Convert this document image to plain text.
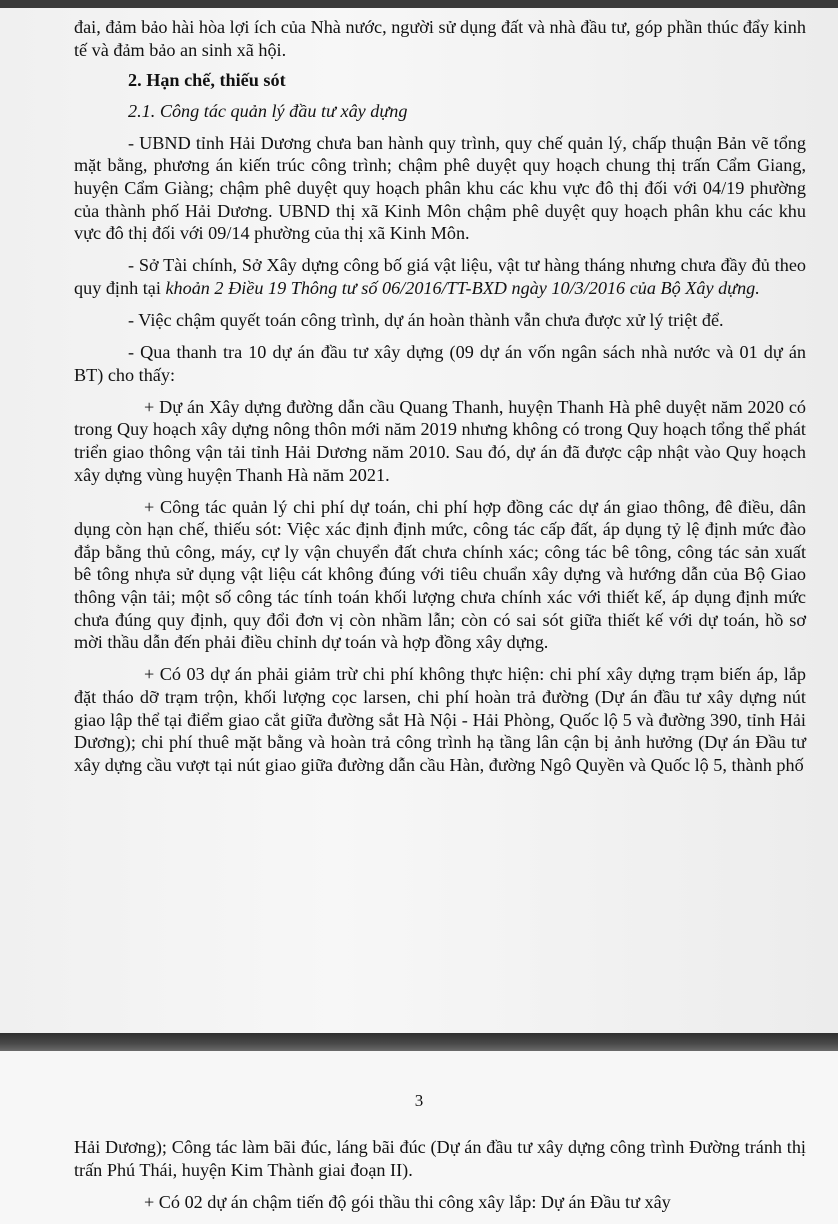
đai, đảm bảo hài hòa lợi ích của Nhà nước, người sử dụng đất và nhà đầu tư, góp phần thúc đẩy kinh tế và đảm bảo an sinh xã hội.

2. Hạn chế, thiếu sót

2.1. Công tác quản lý đầu tư xây dựng

- UBND tỉnh Hải Dương chưa ban hành quy trình, quy chế quản lý, chấp thuận Bản vẽ tổng mặt bằng, phương án kiến trúc công trình; chậm phê duyệt quy hoạch chung thị trấn Cẩm Giang, huyện Cẩm Giàng; chậm phê duyệt quy hoạch phân khu các khu vực đô thị đối với 04/19 phường của thành phố Hải Dương. UBND thị xã Kinh Môn chậm phê duyệt quy hoạch phân khu các khu vực đô thị đối với 09/14 phường của thị xã Kinh Môn.

- Sở Tài chính, Sở Xây dựng công bố giá vật liệu, vật tư hàng tháng nhưng chưa đầy đủ theo quy định tại khoản 2 Điều 19 Thông tư số 06/2016/TT-BXD ngày 10/3/2016 của Bộ Xây dựng.

- Việc chậm quyết toán công trình, dự án hoàn thành vẫn chưa được xử lý triệt để.

- Qua thanh tra 10 dự án đầu tư xây dựng (09 dự án vốn ngân sách nhà nước và 01 dự án BT) cho thấy:

+ Dự án Xây dựng đường dẫn cầu Quang Thanh, huyện Thanh Hà phê duyệt năm 2020 có trong Quy hoạch xây dựng nông thôn mới năm 2019 nhưng không có trong Quy hoạch tổng thể phát triển giao thông vận tải tỉnh Hải Dương năm 2010. Sau đó, dự án đã được cập nhật vào Quy hoạch xây dựng vùng huyện Thanh Hà năm 2021.

+ Công tác quản lý chi phí dự toán, chi phí hợp đồng các dự án giao thông, đê điều, dân dụng còn hạn chế, thiếu sót: Việc xác định định mức, công tác cấp đất, áp dụng tỷ lệ định mức đào đắp bằng thủ công, máy, cự ly vận chuyển đất chưa chính xác; công tác bê tông, công tác sản xuất bê tông nhựa sử dụng vật liệu cát không đúng với tiêu chuẩn xây dựng và hướng dẫn của Bộ Giao thông vận tải; một số công tác tính toán khối lượng chưa chính xác với thiết kế, áp dụng định mức chưa đúng quy định, quy đổi đơn vị còn nhầm lẫn; còn có sai sót giữa thiết kế với dự toán, hồ sơ mời thầu dẫn đến phải điều chỉnh dự toán và hợp đồng xây dựng.

+ Có 03 dự án phải giảm trừ chi phí không thực hiện: chi phí xây dựng trạm biến áp, lắp đặt tháo dỡ trạm trộn, khối lượng cọc larsen, chi phí hoàn trả đường (Dự án đầu tư xây dựng nút giao lập thể tại điểm giao cắt giữa đường sắt Hà Nội - Hải Phòng, Quốc lộ 5 và đường 390, tỉnh Hải Dương); chi phí thuê mặt bằng và hoàn trả công trình hạ tầng lân cận bị ảnh hưởng (Dự án Đầu tư xây dựng cầu vượt tại nút giao giữa đường dẫn cầu Hàn, đường Ngô Quyền và Quốc lộ 5, thành phố

3

Hải Dương); Công tác làm bãi đúc, láng bãi đúc (Dự án đầu tư xây dựng công trình Đường tránh thị trấn Phú Thái, huyện Kim Thành giai đoạn II).

+ Có 02 dự án chậm tiến độ gói thầu thi công xây lắp: Dự án Đầu tư xây
